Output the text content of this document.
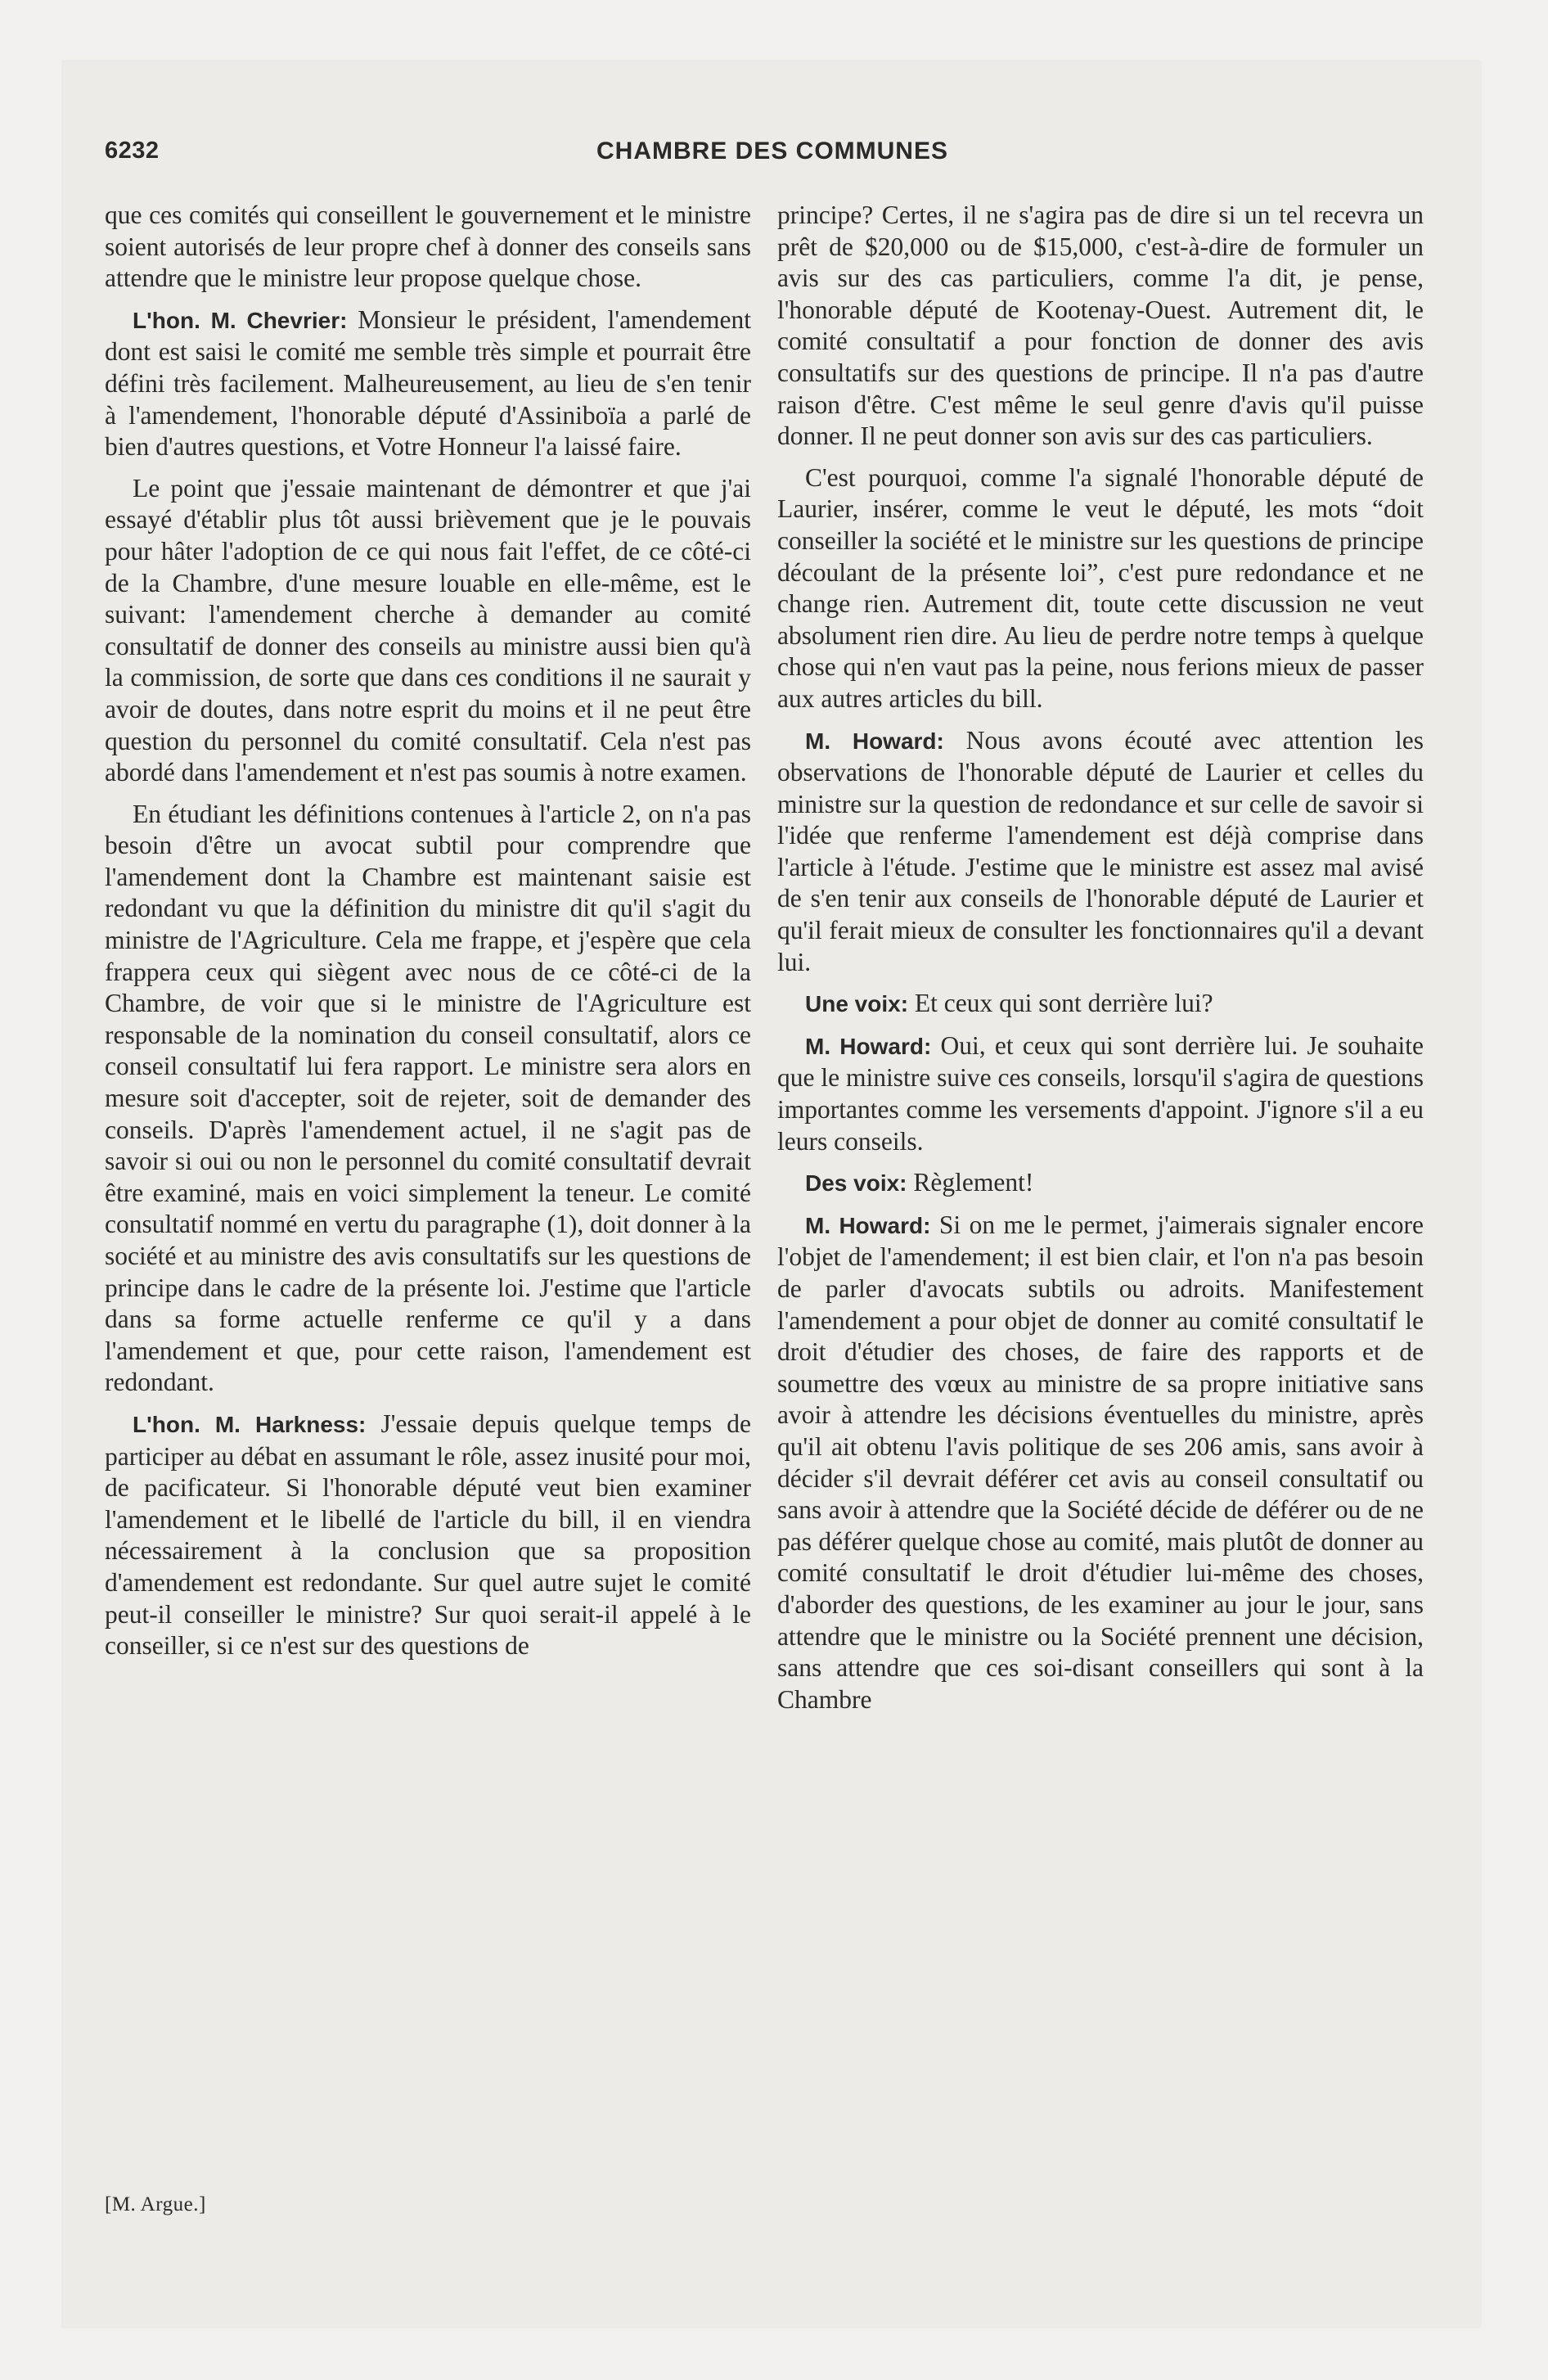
6232	CHAMBRE DES COMMUNES

que ces comités qui conseillent le gouvernement et le ministre soient autorisés de leur propre chef à donner des conseils sans attendre que le ministre leur propose quelque chose.

L'hon. M. Chevrier: Monsieur le président, l'amendement dont est saisi le comité me semble très simple et pourrait être défini très facilement. Malheureusement, au lieu de s'en tenir à l'amendement, l'honorable député d'Assiniboïa a parlé de bien d'autres questions, et Votre Honneur l'a laissé faire.

Le point que j'essaie maintenant de démontrer et que j'ai essayé d'établir plus tôt aussi brièvement que je le pouvais pour hâter l'adoption de ce qui nous fait l'effet, de ce côté-ci de la Chambre, d'une mesure louable en elle-même, est le suivant: l'amendement cherche à demander au comité consultatif de donner des conseils au ministre aussi bien qu'à la commission, de sorte que dans ces conditions il ne saurait y avoir de doutes, dans notre esprit du moins et il ne peut être question du personnel du comité consultatif. Cela n'est pas abordé dans l'amendement et n'est pas soumis à notre examen.

En étudiant les définitions contenues à l'article 2, on n'a pas besoin d'être un avocat subtil pour comprendre que l'amendement dont la Chambre est maintenant saisie est redondant vu que la définition du ministre dit qu'il s'agit du ministre de l'Agriculture. Cela me frappe, et j'espère que cela frappera ceux qui siègent avec nous de ce côté-ci de la Chambre, de voir que si le ministre de l'Agriculture est responsable de la nomination du conseil consultatif, alors ce conseil consultatif lui fera rapport. Le ministre sera alors en mesure soit d'accepter, soit de rejeter, soit de demander des conseils. D'après l'amendement actuel, il ne s'agit pas de savoir si oui ou non le personnel du comité consultatif devrait être examiné, mais en voici simplement la teneur. Le comité consultatif nommé en vertu du paragraphe (1), doit donner à la société et au ministre des avis consultatifs sur les questions de principe dans le cadre de la présente loi. J'estime que l'article dans sa forme actuelle renferme ce qu'il y a dans l'amendement et que, pour cette raison, l'amendement est redondant.

L'hon. M. Harkness: J'essaie depuis quelque temps de participer au débat en assumant le rôle, assez inusité pour moi, de pacificateur. Si l'honorable député veut bien examiner l'amendement et le libellé de l'article du bill, il en viendra nécessairement à la conclusion que sa proposition d'amendement est redondante. Sur quel autre sujet le comité peut-il conseiller le ministre? Sur quoi serait-il appelé à le conseiller, si ce n'est sur des questions de

principe? Certes, il ne s'agira pas de dire si un tel recevra un prêt de $20,000 ou de $15,000, c'est-à-dire de formuler un avis sur des cas particuliers, comme l'a dit, je pense, l'honorable député de Kootenay-Ouest. Autrement dit, le comité consultatif a pour fonction de donner des avis consultatifs sur des questions de principe. Il n'a pas d'autre raison d'être. C'est même le seul genre d'avis qu'il puisse donner. Il ne peut donner son avis sur des cas particuliers.

C'est pourquoi, comme l'a signalé l'honorable député de Laurier, insérer, comme le veut le député, les mots “doit conseiller la société et le ministre sur les questions de principe découlant de la présente loi”, c'est pure redondance et ne change rien. Autrement dit, toute cette discussion ne veut absolument rien dire. Au lieu de perdre notre temps à quelque chose qui n'en vaut pas la peine, nous ferions mieux de passer aux autres articles du bill.

M. Howard: Nous avons écouté avec attention les observations de l'honorable député de Laurier et celles du ministre sur la question de redondance et sur celle de savoir si l'idée que renferme l'amendement est déjà comprise dans l'article à l'étude. J'estime que le ministre est assez mal avisé de s'en tenir aux conseils de l'honorable député de Laurier et qu'il ferait mieux de consulter les fonctionnaires qu'il a devant lui.

Une voix: Et ceux qui sont derrière lui?

M. Howard: Oui, et ceux qui sont derrière lui. Je souhaite que le ministre suive ces conseils, lorsqu'il s'agira de questions importantes comme les versements d'appoint. J'ignore s'il a eu leurs conseils.

Des voix: Règlement!

M. Howard: Si on me le permet, j'aimerais signaler encore l'objet de l'amendement; il est bien clair, et l'on n'a pas besoin de parler d'avocats subtils ou adroits. Manifestement l'amendement a pour objet de donner au comité consultatif le droit d'étudier des choses, de faire des rapports et de soumettre des vœux au ministre de sa propre initiative sans avoir à attendre les décisions éventuelles du ministre, après qu'il ait obtenu l'avis politique de ses 206 amis, sans avoir à décider s'il devrait déférer cet avis au conseil consultatif ou sans avoir à attendre que la Société décide de déférer ou de ne pas déférer quelque chose au comité, mais plutôt de donner au comité consultatif le droit d'étudier lui-même des choses, d'aborder des questions, de les examiner au jour le jour, sans attendre que le ministre ou la Société prennent une décision, sans attendre que ces soi-disant conseillers qui sont à la Chambre

[M. Argue.]
